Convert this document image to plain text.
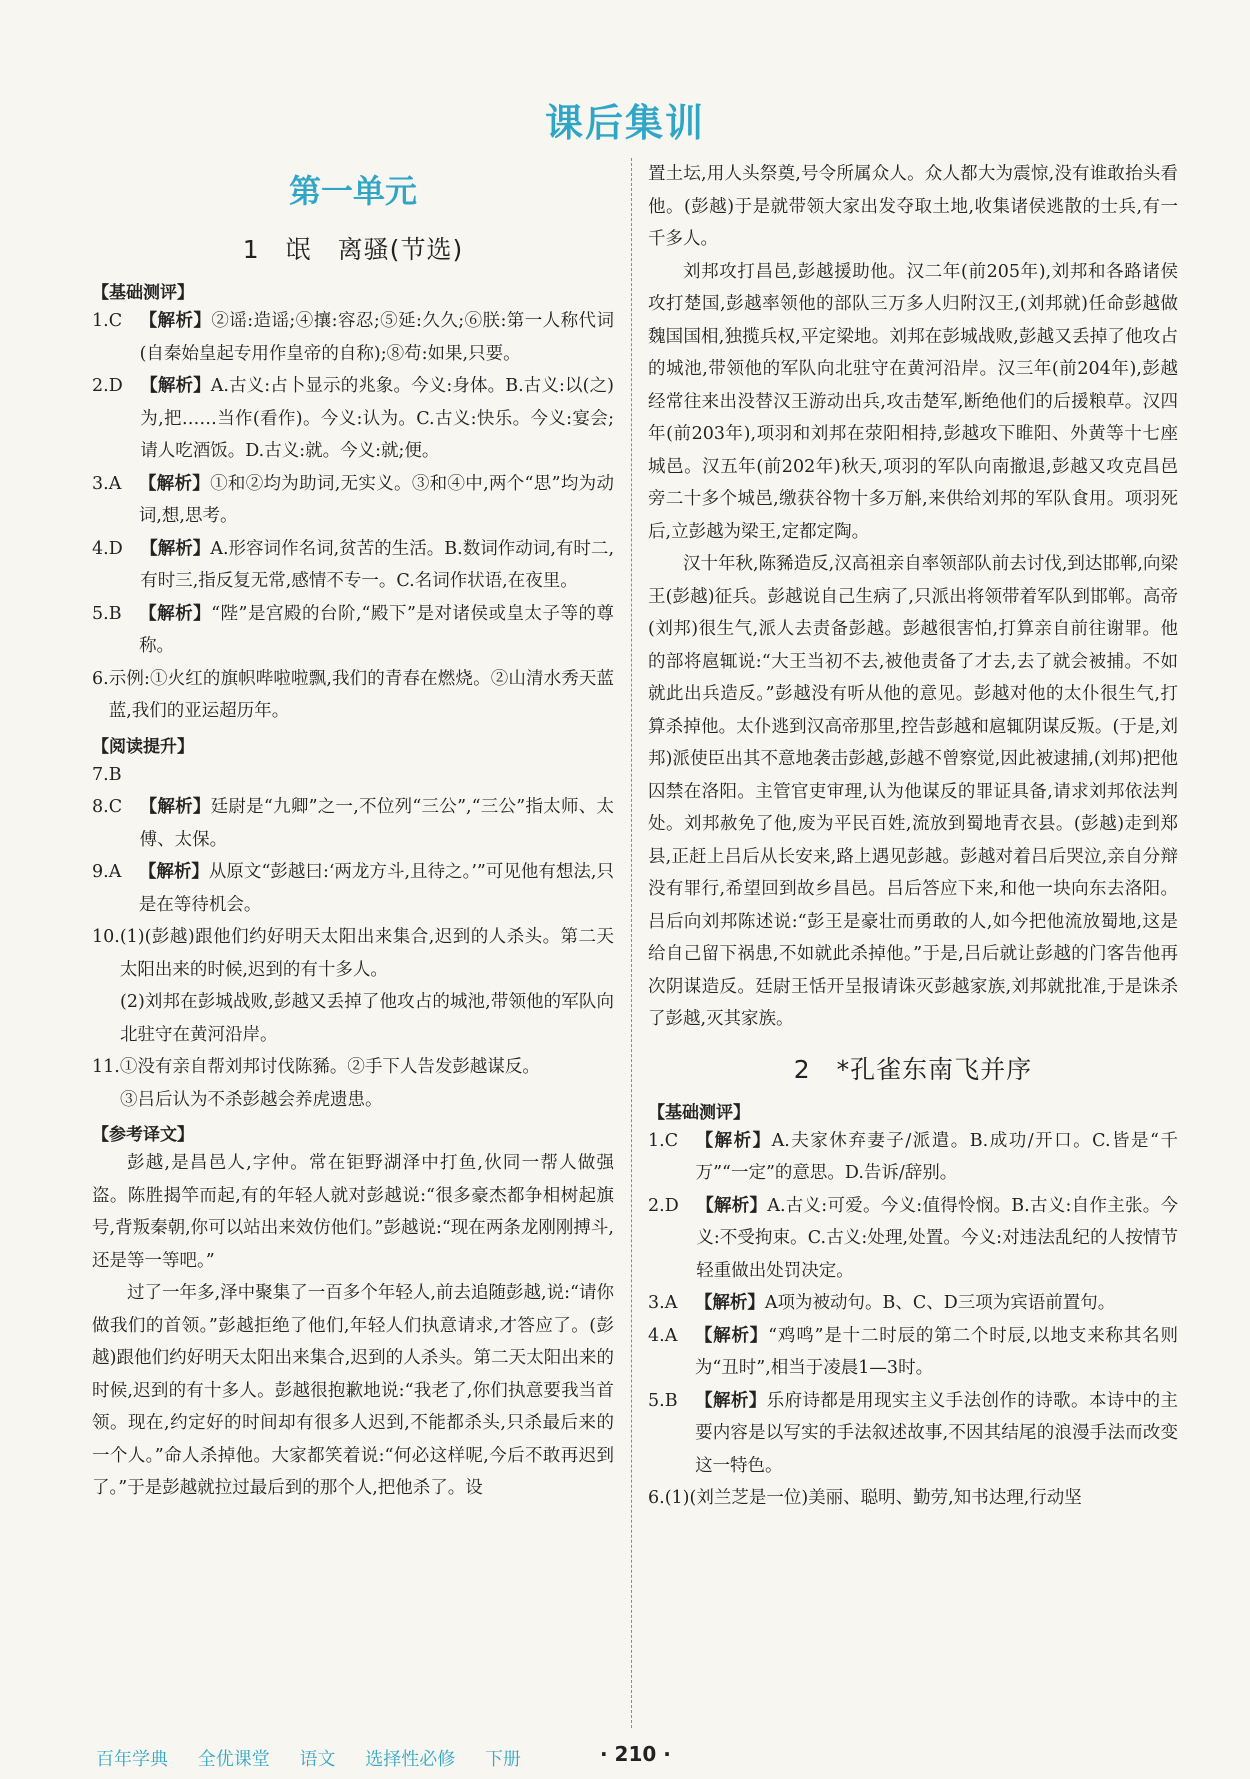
课后集训
第一单元
1　氓　离骚(节选)
【基础测评】
1.C　 【解析】②谣:造谣;④攘:容忍;⑤延:久久;⑥朕:第一人称代词(自秦始皇起专用作皇帝的自称);⑧苟:如果,只要。
2.D　 【解析】A.古义:占卜显示的兆象。今义:身体。B.古义:以(之)为,把……当作(看作)。今义:认为。C.古义:快乐。今义:宴会;请人吃酒饭。D.古义:就。今义:就;便。
3.A　 【解析】①和②均为助词,无实义。③和④中,两个“思”均为动词,想,思考。
4.D　 【解析】A.形容词作名词,贫苦的生活。B.数词作动词,有时二,有时三,指反复无常,感情不专一。C.名词作状语,在夜里。
5.B　 【解析】“陛”是宫殿的台阶,“殿下”是对诸侯或皇太子等的尊称。
6. 示例:①火红的旗帜哔啦啦飘,我们的青春在燃烧。②山清水秀天蓝蓝,我们的亚运超历年。
【阅读提升】
7.B
8.C　 【解析】廷尉是“九卿”之一,不位列“三公”,“三公”指太师、太傅、太保。
9.A　 【解析】从原文“彭越曰:‘两龙方斗,且待之。’”可见他有想法,只是在等待机会。
10. (1)(彭越)跟他们约好明天太阳出来集合,迟到的人杀头。第二天太阳出来的时候,迟到的有十多人。

(2)刘邦在彭城战败,彭越又丢掉了他攻占的城池,带领他的军队向北驻守在黄河沿岸。

11. ①没有亲自帮刘邦讨伐陈豨。②手下人告发彭越谋反。

③吕后认为不杀彭越会养虎遗患。

【参考译文】

彭越,是昌邑人,字仲。常在钜野湖泽中打鱼,伙同一帮人做强盗。陈胜揭竿而起,有的年轻人就对彭越说:“很多豪杰都争相树起旗号,背叛秦朝,你可以站出来效仿他们。”彭越说:“现在两条龙刚刚搏斗,还是等一等吧。”

过了一年多,泽中聚集了一百多个年轻人,前去追随彭越,说:“请你做我们的首领。”彭越拒绝了他们,年轻人们执意请求,才答应了。(彭越)跟他们约好明天太阳出来集合,迟到的人杀头。第二天太阳出来的时候,迟到的有十多人。彭越很抱歉地说:“我老了,你们执意要我当首领。现在,约定好的时间却有很多人迟到,不能都杀头,只杀最后来的一个人。”命人杀掉他。大家都笑着说:“何必这样呢,今后不敢再迟到了。”于是彭越就拉过最后到的那个人,把他杀了。设

置土坛,用人头祭奠,号令所属众人。众人都大为震惊,没有谁敢抬头看他。(彭越)于是就带领大家出发夺取土地,收集诸侯逃散的士兵,有一千多人。

刘邦攻打昌邑,彭越援助他。汉二年(前205年),刘邦和各路诸侯攻打楚国,彭越率领他的部队三万多人归附汉王,(刘邦就)任命彭越做魏国国相,独揽兵权,平定梁地。刘邦在彭城战败,彭越又丢掉了他攻占的城池,带领他的军队向北驻守在黄河沿岸。汉三年(前204年),彭越经常往来出没替汉王游动出兵,攻击楚军,断绝他们的后援粮草。汉四年(前203年),项羽和刘邦在荥阳相持,彭越攻下睢阳、外黄等十七座城邑。汉五年(前202年)秋天,项羽的军队向南撤退,彭越又攻克昌邑旁二十多个城邑,缴获谷物十多万斛,来供给刘邦的军队食用。项羽死后,立彭越为梁王,定都定陶。

汉十年秋,陈豨造反,汉高祖亲自率领部队前去讨伐,到达邯郸,向梁王(彭越)征兵。彭越说自己生病了,只派出将领带着军队到邯郸。高帝(刘邦)很生气,派人去责备彭越。彭越很害怕,打算亲自前往谢罪。他的部将扈辄说:“大王当初不去,被他责备了才去,去了就会被捕。不如就此出兵造反。”彭越没有听从他的意见。彭越对他的太仆很生气,打算杀掉他。太仆逃到汉高帝那里,控告彭越和扈辄阴谋反叛。(于是,刘邦)派使臣出其不意地袭击彭越,彭越不曾察觉,因此被逮捕,(刘邦)把他囚禁在洛阳。主管官吏审理,认为他谋反的罪证具备,请求刘邦依法判处。刘邦赦免了他,废为平民百姓,流放到蜀地青衣县。(彭越)走到郑县,正赶上吕后从长安来,路上遇见彭越。彭越对着吕后哭泣,亲自分辩没有罪行,希望回到故乡昌邑。吕后答应下来,和他一块向东去洛阳。吕后向刘邦陈述说:“彭王是豪壮而勇敢的人,如今把他流放蜀地,这是给自己留下祸患,不如就此杀掉他。”于是,吕后就让彭越的门客告他再次阴谋造反。廷尉王恬开呈报请诛灭彭越家族,刘邦就批准,于是诛杀了彭越,灭其家族。

2　*孔雀东南飞并序
【基础测评】
1.C　 【解析】A.夫家休弃妻子/派遣。B.成功/开口。C.皆是“千万”“一定”的意思。D.告诉/辞别。
2.D　 【解析】A.古义:可爱。今义:值得怜悯。B.古义:自作主张。今义:不受拘束。C.古义:处理,处置。今义:对违法乱纪的人按情节轻重做出处罚决定。
3.A　 【解析】A项为被动句。B、C、D三项为宾语前置句。
4.A　 【解析】“鸡鸣”是十二时辰的第二个时辰,以地支来称其名则为“丑时”,相当于凌晨1—3时。
5.B　 【解析】乐府诗都是用现实主义手法创作的诗歌。本诗中的主要内容是以写实的手法叙述故事,不因其结尾的浪漫手法而改变这一特色。
6. (1)(刘兰芝是一位)美丽、聪明、勤劳,知书达理,行动坚
百年学典 全优课堂 语文 选择性必修 下册	· 210 ·
